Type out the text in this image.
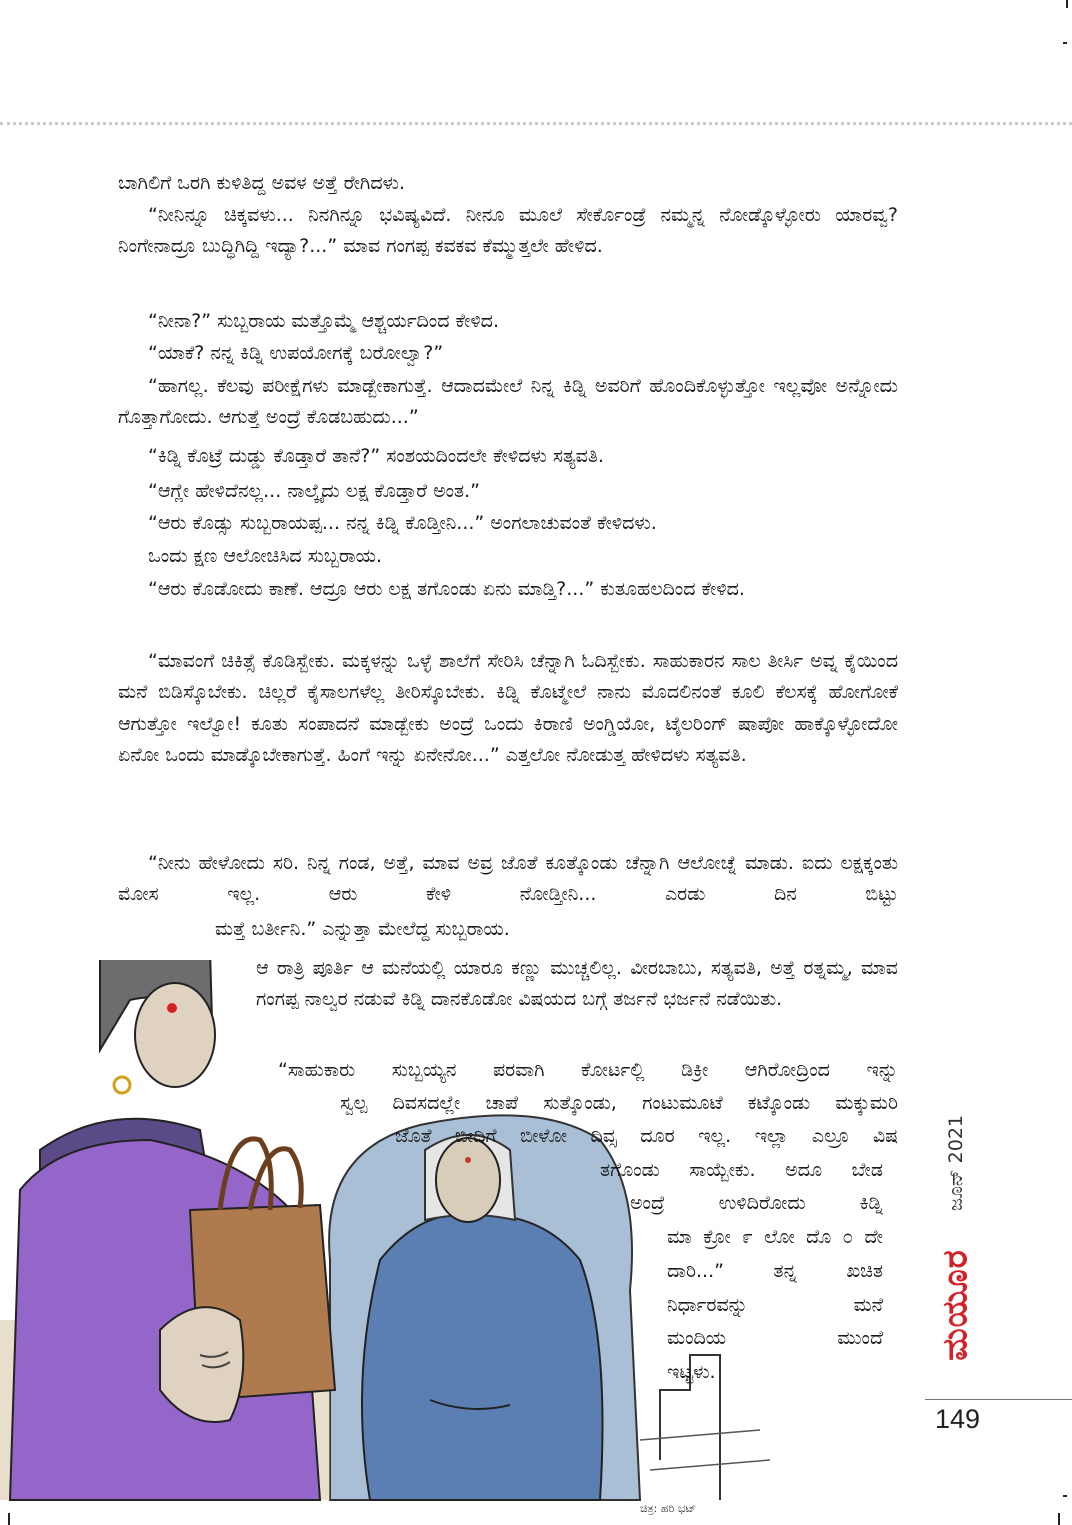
ಚಿತ್ರ: ಹರಿ ಭಟ್

ಬಾಗಿಲಿಗೆ ಒರಗಿ ಕುಳಿತಿದ್ದ ಅವಳ ಅತ್ತೆ ರೇಗಿದಳು.

“ನೀನಿನ್ನೂ ಚಿಕ್ಕವಳು... ನಿನಗಿನ್ನೂ ಭವಿಷ್ಯವಿದೆ. ನೀನೂ ಮೂಲೆ ಸೇರ್ಕೊಂಡ್ರೆ ನಮ್ಮನ್ನ ನೋಡ್ಕೊಳ್ಳೋರು ಯಾರವ್ವ? ನಿಂಗೇನಾದ್ರೂ ಬುದ್ಧಿಗಿದ್ದಿ ಇದ್ಯಾ?...” ಮಾವ ಗಂಗಪ್ಪ ಕವಕವ ಕೆಮ್ಮುತ್ತಲೇ ಹೇಳಿದ.

“ನೀನಾ?” ಸುಬ್ಬರಾಯ ಮತ್ತೊಮ್ಮೆ ಆಶ್ಚರ್ಯದಿಂದ ಕೇಳಿದ.

“ಯಾಕೆ? ನನ್ನ ಕಿಡ್ನಿ ಉಪಯೋಗಕ್ಕೆ ಬರೋಲ್ವಾ?”

“ಹಾಗಲ್ಲ. ಕೆಲವು ಪರೀಕ್ಷೆಗಳು ಮಾಡ್ಬೇಕಾಗುತ್ತೆ. ಆದಾದಮೇಲೆ ನಿನ್ನ ಕಿಡ್ನಿ ಅವರಿಗೆ ಹೊಂದಿಕೊಳ್ಳುತ್ತೋ ಇಲ್ಲವೋ ಅನ್ನೋದು ಗೊತ್ತಾಗೋದು. ಆಗುತ್ತೆ ಅಂದ್ರೆ ಕೊಡಬಹುದು...”

“ಕಿಡ್ನಿ ಕೊಟ್ರೆ ದುಡ್ಡು ಕೊಡ್ತಾರೆ ತಾನೆ?” ಸಂಶಯದಿಂದಲೇ ಕೇಳಿದಳು ಸತ್ಯವತಿ.

“ಆಗ್ಲೇ ಹೇಳಿದೆನಲ್ಲ... ನಾಲ್ಕೈದು ಲಕ್ಷ ಕೊಡ್ತಾರೆ ಅಂತ.”

“ಆರು ಕೊಡ್ಸು ಸುಬ್ಬರಾಯಪ್ಪ... ನನ್ನ ಕಿಡ್ನಿ ಕೊಡ್ತೀನಿ...” ಅಂಗಲಾಚುವಂತೆ ಕೇಳಿದಳು.

ಒಂದು ಕ್ಷಣ ಆಲೋಚಿಸಿದ ಸುಬ್ಬರಾಯ.

“ಆರು ಕೊಡೋದು ಕಾಣೆ. ಆದ್ರೂ ಆರು ಲಕ್ಷ ತಗೊಂಡು ಏನು ಮಾಡ್ತಿ?...” ಕುತೂಹಲದಿಂದ ಕೇಳಿದ.

“ಮಾವಂಗೆ ಚಿಕಿತ್ಸೆ ಕೊಡಿಸ್ಬೇಕು. ಮಕ್ಕಳನ್ನು ಒಳ್ಳೆ ಶಾಲೆಗೆ ಸೇರಿಸಿ ಚೆನ್ನಾಗಿ ಓದಿಸ್ಬೇಕು. ಸಾಹುಕಾರನ ಸಾಲ ತೀರ್ಸಿ ಅವ್ನ ಕೈಯಿಂದ ಮನೆ ಬಿಡಿಸ್ಕೊಬೇಕು. ಚಿಲ್ಲರೆ ಕೈಸಾಲಗಳೆಲ್ಲ ತೀರಿಸ್ಕೊಬೇಕು. ಕಿಡ್ನಿ ಕೊಟ್ಮೇಲೆ ನಾನು ಮೊದಲಿನಂತೆ ಕೂಲಿ ಕೆಲಸಕ್ಕೆ ಹೋಗೋಕೆ ಆಗುತ್ತೋ ಇಲ್ವೋ! ಕೂತು ಸಂಪಾದನೆ ಮಾಡ್ಬೇಕು ಅಂದ್ರೆ ಒಂದು ಕಿರಾಣಿ ಅಂಗ್ಡಿಯೋ, ಟೈಲರಿಂಗ್ ಷಾಪೋ ಹಾಕ್ಕೊಳ್ಳೋದೋ ಏನೋ ಒಂದು ಮಾಡ್ಕೊಬೇಕಾಗುತ್ತೆ. ಹಿಂಗೆ ಇನ್ನು ಏನೇನೋ...” ಎತ್ತಲೋ ನೋಡುತ್ತ ಹೇಳಿದಳು ಸತ್ಯವತಿ.

“ನೀನು ಹೇಳೋದು ಸರಿ. ನಿನ್ನ ಗಂಡ, ಅತ್ತೆ, ಮಾವ ಅವ್ರ ಜೊತೆ ಕೂತ್ಕೊಂಡು ಚೆನ್ನಾಗಿ ಆಲೋಚ್ನೆ ಮಾಡು. ಐದು ಲಕ್ಷಕ್ಕಂತು ಮೋಸ ಇಲ್ಲ. ಆರು ಕೇಳಿ ನೋಡ್ತೀನಿ... ಎರಡು ದಿನ ಬಿಟ್ಟು

ಮತ್ತೆ ಬರ್ತೀನಿ.” ಎನ್ನುತ್ತಾ ಮೇಲೆದ್ದ ಸುಬ್ಬರಾಯ.

ಆ ರಾತ್ರಿ ಪೂರ್ತಿ ಆ ಮನೆಯಲ್ಲಿ ಯಾರೂ ಕಣ್ಣು ಮುಚ್ಚಲಿಲ್ಲ. ವೀರಬಾಬು, ಸತ್ಯವತಿ, ಅತ್ತೆ ರತ್ನಮ್ಮ, ಮಾವ ಗಂಗಪ್ಪ ನಾಲ್ವರ ನಡುವೆ ಕಿಡ್ನಿ ದಾನಕೊಡೋ ವಿಷಯದ ಬಗ್ಗೆ ತರ್ಜನೆ ಭರ್ಜನೆ ನಡೆಯಿತು.

“ಸಾಹುಕಾರು ಸುಬ್ಬಯ್ಯನ ಪರವಾಗಿ ಕೋರ್ಟಲ್ಲಿ ಡಿಕ್ರೀ ಆಗಿರೋದ್ರಿಂದ ಇನ್ನು

ಸ್ವಲ್ಪ ದಿವಸದಲ್ಲೇ ಚಾಪೆ ಸುತ್ಕೊಂಡು, ಗಂಟುಮೂಟೆ ಕಟ್ಕೊಂಡು ಮಕ್ಕುಮರಿ

ಜೊತೆ ಬೀದಿಗೆ ಬೀಳೋ ದಿವ್ಸ ದೂರ ಇಲ್ಲ. ಇಲ್ಲಾ ಎಲ್ರೂ ವಿಷ

ತಗೊಂಡು ಸಾಯ್ಬೇಕು. ಅದೂ ಬೇಡ

ಅಂದ್ರೆ ಉಳಿದಿರೋದು ಕಿಡ್ನಿ

ಮಾ ಕ್ರೋ ೯ ಲೋ ದೊ ೦ ದೇ

ದಾರಿ...” ತನ್ನ ಖಚಿತ

ನಿರ್ಧಾರವನ್ನು ಮನೆ

ಮಂದಿಯ ಮುಂದೆ

ಇಟ್ಟಳು.

ಜೂನ್ 2021
ಮಯೂರ
149
